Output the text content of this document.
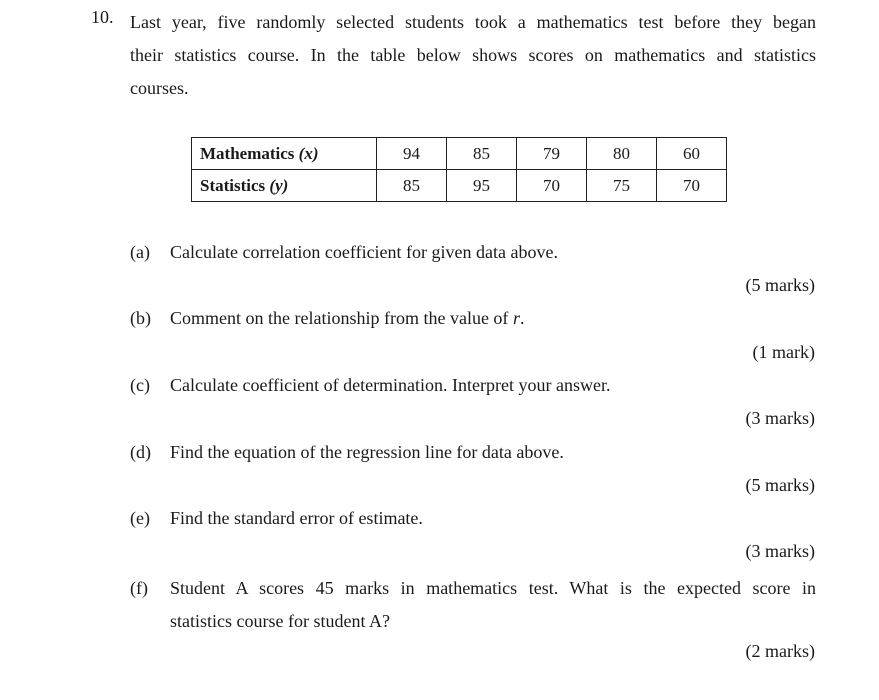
10. Last year, five randomly selected students took a mathematics test before they began
their statistics course. In the table below shows scores on mathematics and statistics
courses.
Mathematics (x)	94	85	79	80	60
Statistics (y)	85	95	70	75	70
(a) Calculate correlation coefficient for given data above.
(5 marks)
(b) Comment on the relationship from the value of r.
(1 mark)
(c) Calculate coefficient of determination. Interpret your answer.
(3 marks)
(d) Find the equation of the regression line for data above.
(5 marks)
(e) Find the standard error of estimate.
(3 marks)
(f) Student A scores 45 marks in mathematics test. What is the expected score in
statistics course for student A?
(2 marks)
